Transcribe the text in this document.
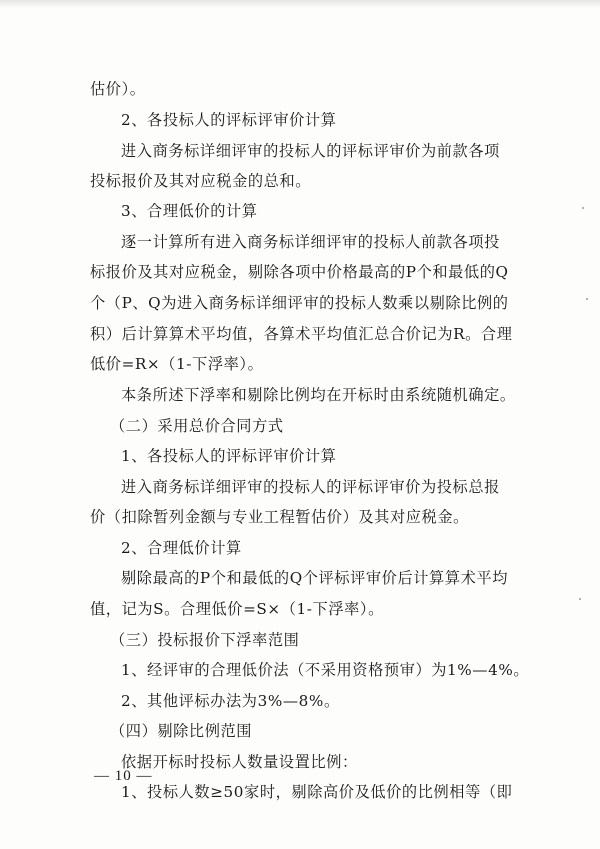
估价）。
2、各投标人的评标评审价计算
进入商务标详细评审的投标人的评标评审价为前款各项
投标报价及其对应税金的总和。
3、合理低价的计算
逐一计算所有进入商务标详细评审的投标人前款各项投
标报价及其对应税金，剔除各项中价格最高的P个和最低的Q
个（P、Q为进入商务标详细评审的投标人数乘以剔除比例的
积）后计算算术平均值，各算术平均值汇总合价记为R。合理
低价=R×（1-下浮率）。
本条所述下浮率和剔除比例均在开标时由系统随机确定。
（二）采用总价合同方式
1、各投标人的评标评审价计算
进入商务标详细评审的投标人的评标评审价为投标总报
价（扣除暂列金额与专业工程暂估价）及其对应税金。
2、合理低价计算
剔除最高的P个和最低的Q个评标评审价后计算算术平均
值，记为S。合理低价=S×（1-下浮率）。
（三）投标报价下浮率范围
1、经评审的合理低价法（不采用资格预审）为1%—4%。
2、其他评标办法为3%—8%。
（四）剔除比例范围
依据开标时投标人数量设置比例：
1、投标人数≥50家时，剔除高价及低价的比例相等（即
— 10 —
